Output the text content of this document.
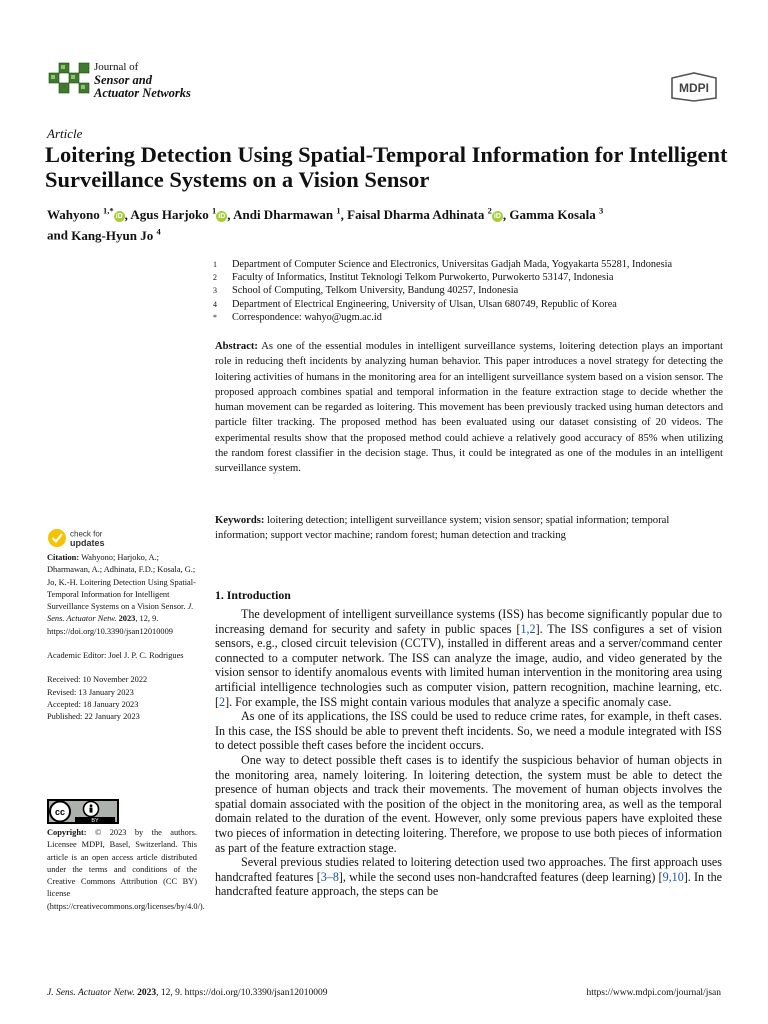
Journal of
Sensor and
Actuator Networks	MDPI
Article
Loitering Detection Using Spatial-Temporal Information for Intelligent Surveillance Systems on a Vision Sensor
Wahyono $^{1,*}$iD , Agus Harjoko $^1$iD , Andi Dharmawan $^1$, Faisal Dharma Adhinata $^2$iD , Gamma Kosala $^3$
and Kang-Hyun Jo $^4$
1	Department of Computer Science and Electronics, Universitas Gadjah Mada, Yogyakarta 55281, Indonesia
2	Faculty of Informatics, Institut Teknologi Telkom Purwokerto, Purwokerto 53147, Indonesia
3	School of Computing, Telkom University, Bandung 40257, Indonesia
4	Department of Electrical Engineering, University of Ulsan, Ulsan 680749, Republic of Korea
*	Correspondence: wahyo@ugm.ac.id
Abstract: As one of the essential modules in intelligent surveillance systems, loitering detection plays an important role in reducing theft incidents by analyzing human behavior. This paper introduces a novel strategy for detecting the loitering activities of humans in the monitoring area for an intelligent surveillance system based on a vision sensor. The proposed approach combines spatial and temporal information in the feature extraction stage to decide whether the human movement can be regarded as loitering. This movement has been previously tracked using human detectors and particle filter tracking. The proposed method has been evaluated using our dataset consisting of 20 videos. The experimental results show that the proposed method could achieve a relatively good accuracy of 85% when utilizing the random forest classifier in the decision stage. Thus, it could be integrated as one of the modules in an intelligent surveillance system.
Keywords: loitering detection; intelligent surveillance system; vision sensor; spatial information; temporal information; support vector machine; random forest; human detection and tracking
check for
updates
Citation: Wahyono; Harjoko, A.; Dharmawan, A.; Adhinata, F.D.; Kosala, G.; Jo, K.-H. Loitering Detection Using Spatial-Temporal Information for Intelligent Surveillance Systems on a Vision Sensor. J. Sens. Actuator Netw. 2023, 12, 9. https://doi.org/10.3390/jsan12010009
Academic Editor: Joel J. P. C. Rodrigues
Received: 10 November 2022
Revised: 13 January 2023
Accepted: 18 January 2023
Published: 22 January 2023
cc
BY
Copyright: © 2023 by the authors. Licensee MDPI, Basel, Switzerland. This article is an open access article distributed under the terms and conditions of the Creative Commons Attribution (CC BY) license (https://creativecommons.org/licenses/by/4.0/).
1. Introduction

The development of intelligent surveillance systems (ISS) has become significantly popular due to increasing demand for security and safety in public spaces [1,2]. The ISS configures a set of vision sensors, e.g., closed circuit television (CCTV), installed in different areas and a server/command center connected to a computer network. The ISS can analyze the image, audio, and video generated by the vision sensor to identify anomalous events with limited human intervention in the monitoring area using artificial intelligence technologies such as computer vision, pattern recognition, machine learning, etc. [2]. For example, the ISS might contain various modules that analyze a specific anomaly case.

As one of its applications, the ISS could be used to reduce crime rates, for example, in theft cases. In this case, the ISS should be able to prevent theft incidents. So, we need a module integrated with ISS to detect possible theft cases before the incident occurs.

One way to detect possible theft cases is to identify the suspicious behavior of human objects in the monitoring area, namely loitering. In loitering detection, the system must be able to detect the presence of human objects and track their movements. The movement of human objects involves the spatial domain associated with the position of the object in the monitoring area, as well as the temporal domain related to the duration of the event. However, only some previous papers have exploited these two pieces of information in detecting loitering. Therefore, we propose to use both pieces of information as part of the feature extraction stage.

Several previous studies related to loitering detection used two approaches. The first approach uses handcrafted features [3–8], while the second uses non-handcrafted features (deep learning) [9,10]. In the handcrafted feature approach, the steps can be

J. Sens. Actuator Netw. 2023, 12, 9. https://doi.org/10.3390/jsan12010009	https://www.mdpi.com/journal/jsan
